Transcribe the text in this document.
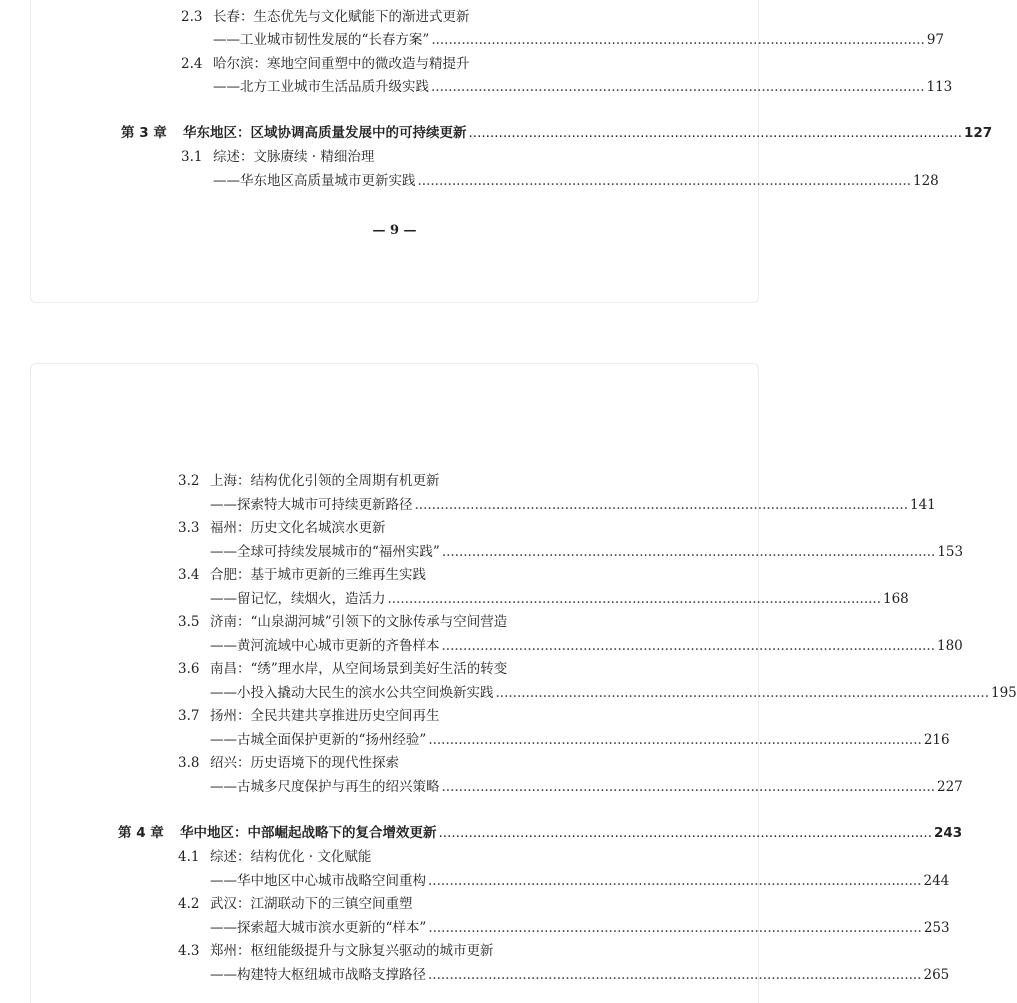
2.3 长春：生态优先与文化赋能下的渐进式更新
——工业城市韧性发展的“长春方案” ................................................................................................................... 97
2.4 哈尔滨：寒地空间重塑中的微改造与精提升
——北方工业城市生活品质升级实践 ................................................................................................................... 113
第 3 章	华东地区：区域协调高质量发展中的可持续更新 ................................................................................................................... 127
3.1 综述：文脉赓续 · 精细治理
——华东地区高质量城市更新实践 ................................................................................................................... 128
— 9 —
3.2 上海：结构优化引领的全周期有机更新
——探索特大城市可持续更新路径 ................................................................................................................... 141
3.3 福州：历史文化名城滨水更新
——全球可持续发展城市的“福州实践” ................................................................................................................... 153
3.4 合肥：基于城市更新的三维再生实践
——留记忆，续烟火，造活力 ................................................................................................................... 168
3.5 济南：“山泉湖河城”引领下的文脉传承与空间营造
——黄河流域中心城市更新的齐鲁样本 ................................................................................................................... 180
3.6 南昌：“绣”理水岸，从空间场景到美好生活的转变
——小投入撬动大民生的滨水公共空间焕新实践 ................................................................................................................... 195
3.7 扬州：全民共建共享推进历史空间再生
——古城全面保护更新的“扬州经验” ................................................................................................................... 216
3.8 绍兴：历史语境下的现代性探索
——古城多尺度保护与再生的绍兴策略 ................................................................................................................... 227
第 4 章	华中地区：中部崛起战略下的复合增效更新 ................................................................................................................... 243
4.1 综述：结构优化 · 文化赋能
——华中地区中心城市战略空间重构 ................................................................................................................... 244
4.2 武汉：江湖联动下的三镇空间重塑
——探索超大城市滨水更新的“样本” ................................................................................................................... 253
4.3 郑州：枢纽能级提升与文脉复兴驱动的城市更新
——构建特大枢纽城市战略支撑路径 ................................................................................................................... 265
